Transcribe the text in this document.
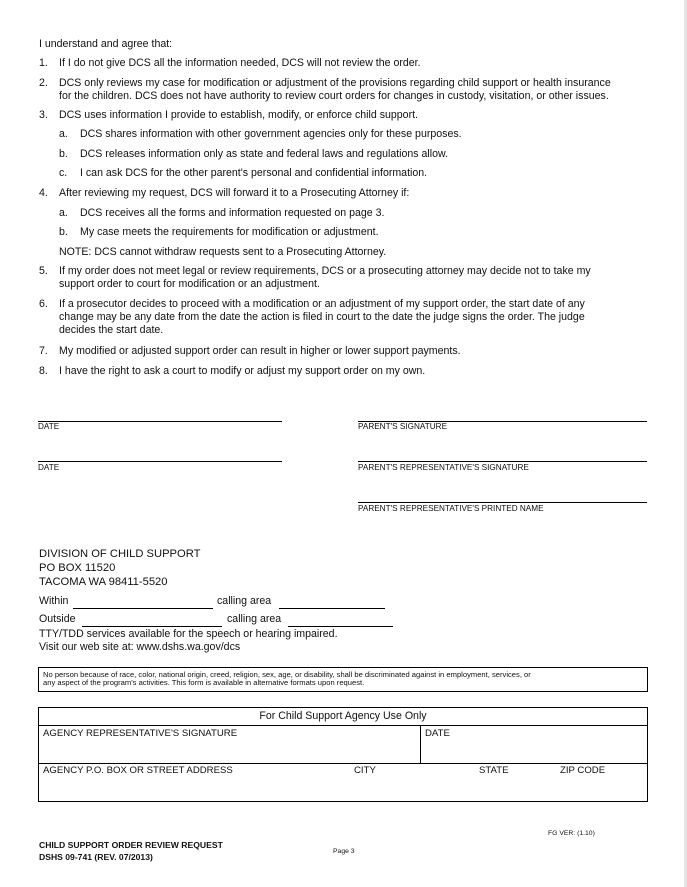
I understand and agree that:
1. If I do not give DCS all the information needed, DCS will not review the order.
2. DCS only reviews my case for modification or adjustment of the provisions regarding child support or health insurance
for the children. DCS does not have authority to review court orders for changes in custody, visitation, or other issues.
3. DCS uses information I provide to establish, modify, or enforce child support.
a. DCS shares information with other government agencies only for these purposes.
b. DCS releases information only as state and federal laws and regulations allow.
c. I can ask DCS for the other parent's personal and confidential information.
4. After reviewing my request, DCS will forward it to a Prosecuting Attorney if:
a. DCS receives all the forms and information requested on page 3.
b. My case meets the requirements for modification or adjustment.
NOTE: DCS cannot withdraw requests sent to a Prosecuting Attorney.
5. If my order does not meet legal or review requirements, DCS or a prosecuting attorney may decide not to take my
support order to court for modification or an adjustment.
6. If a prosecutor decides to proceed with a modification or an adjustment of my support order, the start date of any
change may be any date from the date the action is filed in court to the date the judge signs the order. The judge
decides the start date.
7. My modified or adjusted support order can result in higher or lower support payments.
8. I have the right to ask a court to modify or adjust my support order on my own.
DATE	PARENT'S SIGNATURE
DATE	PARENT'S REPRESENTATIVE'S SIGNATURE
PARENT'S REPRESENTATIVE'S PRINTED NAME
DIVISION OF CHILD SUPPORT
PO BOX 11520
TACOMA WA 98411-5520
Within	calling area
Outside	calling area
TTY/TDD services available for the speech or hearing impaired.
Visit our web site at: www.dshs.wa.gov/dcs
No person because of race, color, national origin, creed, religion, sex, age, or disability, shall be discriminated against in employment, services, or
any aspect of the program's activities. This form is available in alternative formats upon request.
For Child Support Agency Use Only
AGENCY REPRESENTATIVE'S SIGNATURE	DATE
AGENCY P.O. BOX OR STREET ADDRESS	CITY	STATE	ZIP CODE
CHILD SUPPORT ORDER REVIEW REQUEST
DSHS 09-741 (REV. 07/2013)
Page 3
FG VER: (1.10)
